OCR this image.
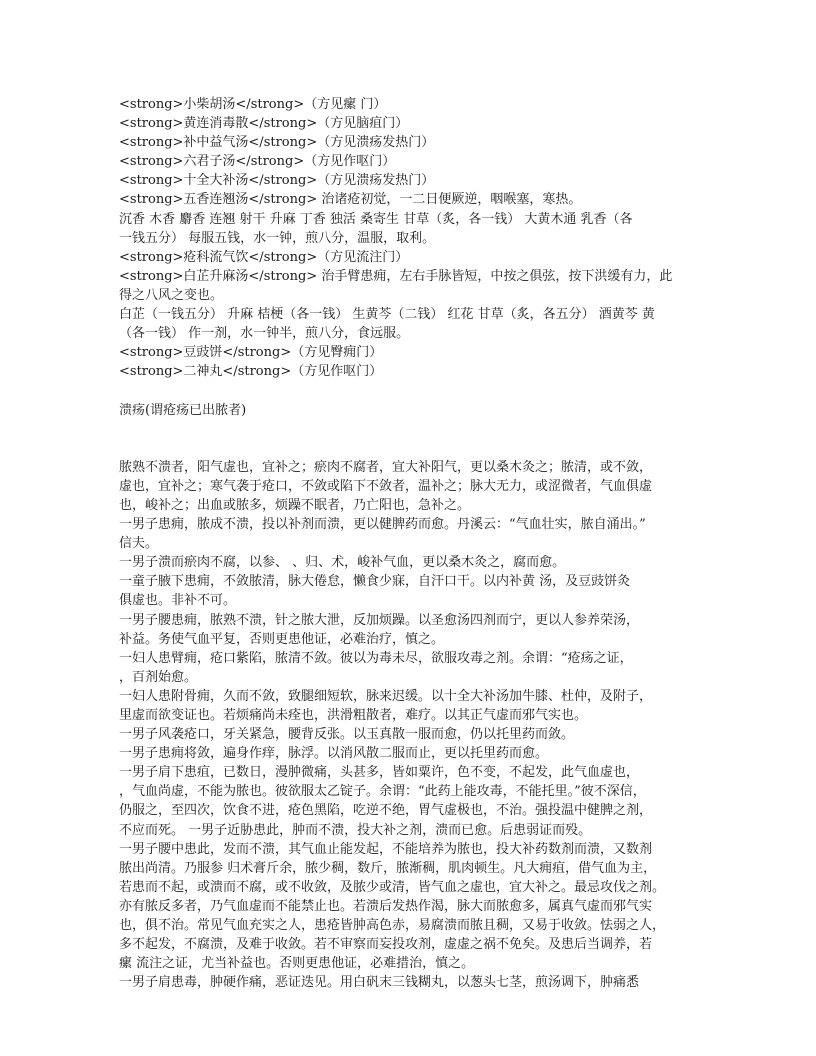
<strong>小柴胡汤</strong>（方见瘰 门）
<strong>黄连消毒散</strong>（方见脑疽门）
<strong>补中益气汤</strong>（方见溃疡发热门）
<strong>六君子汤</strong>（方见作呕门）
<strong>十全大补汤</strong>（方见溃疡发热门）
<strong>五香连翘汤</strong> 治诸疮初觉，一二日便厥逆，咽喉塞，寒热。
沉香 木香 麝香 连翘 射干 升麻 丁香 独活 桑寄生 甘草（炙，各一钱） 大黄木通 乳香（各
一钱五分） 每服五钱，水一钟，煎八分，温服，取利。
<strong>疮科流气饮</strong>（方见流注门）
<strong>白芷升麻汤</strong> 治手臂患痈，左右手脉皆短，中按之俱弦，按下洪缓有力，此
得之八风之变也。
白芷（一钱五分） 升麻 桔梗（各一钱） 生黄芩（二钱） 红花 甘草（炙，各五分） 酒黄芩 黄
（各一钱） 作一剂，水一钟半，煎八分，食远服。
<strong>豆豉饼</strong>（方见臀痈门）
<strong>二神丸</strong>（方见作呕门）
溃疡(谓疮疡已出脓者)
脓熟不溃者，阳气虚也，宜补之；瘀肉不腐者，宜大补阳气，更以桑木灸之；脓清，或不敛，
虚也，宜补之；寒气袭于疮口，不敛或陷下不敛者，温补之；脉大无力，或涩微者，气血俱虚
也，峻补之；出血或脓多，烦躁不眠者，乃亡阳也，急补之。
一男子患痈，脓成不溃，投以补剂而溃，更以健脾药而愈。丹溪云：“气血壮实，脓自涌出。”
信夫。
一男子溃而瘀肉不腐，以参、 、归、术，峻补气血，更以桑木灸之，腐而愈。
一童子腋下患痈，不敛脓清，脉大倦怠，懒食少寐，自汗口干。以内补黄 汤，及豆豉饼灸
俱虚也。非补不可。
一男子腰患痈，脓熟不溃，针之脓大泄，反加烦躁。以圣愈汤四剂而宁，更以人参养荣汤，
补益。务使气血平复，否则更患他证，必难治疗，慎之。
一妇人患臂痈，疮口紫陷，脓清不敛。彼以为毒未尽，欲服攻毒之剂。余谓：“疮疡之证，
，百剂始愈。
一妇人患附骨痈，久而不敛，致腿细短软，脉来迟缓。以十全大补汤加牛膝、杜仲，及附子，
里虚而欲变证也。若烦痛尚未痊也，洪滑粗散者，难疗。以其正气虚而邪气实也。
一男子风袭疮口，牙关紧急，腰背反张。以玉真散一服而愈，仍以托里药而敛。
一男子患痈将敛，遍身作痒，脉浮。以消风散二服而止，更以托里药而愈。
一男子肩下患疽，已数日，漫肿微痛，头甚多，皆如粟许，色不变，不起发，此气血虚也，
，气血尚虚，不能为脓也。彼欲服太乙锭子。余谓：“此药上能攻毒，不能托里。”彼不深信，
仍服之，至四次，饮食不进，疮色黑陷，吃逆不绝，胃气虚极也，不治。强投温中健脾之剂，
不应而死。 一男子近胁患此，肿而不溃，投大补之剂，溃而已愈。后患弱证而殁。
一男子腰中患此，发而不溃，其气血止能发起，不能培养为脓也，投大补药数剂而溃，又数剂
脓出尚清。乃服参 归术膏斤余，脓少稠，数斤，脓渐稠，肌肉顿生。凡大痈疽，借气血为主，
若患而不起，或溃而不腐，或不收敛，及脓少或清，皆气血之虚也，宜大补之。最忌攻伐之剂。
亦有脓反多者，乃气血虚而不能禁止也。若溃后发热作渴，脉大而脓愈多，属真气虚而邪气实
也，俱不治。常见气血充实之人，患疮皆肿高色赤，易腐溃而脓且稠，又易于收敛。怯弱之人，
多不起发，不腐溃，及难于收敛。若不审察而妄投攻剂，虚虚之祸不免矣。及患后当调养，若
瘰 流注之证，尤当补益也。否则更患他证，必难措治，慎之。
一男子肩患毒，肿硬作痛，恶证迭见。用白矾末三钱糊丸，以葱头七茎，煎汤调下，肿痛悉
